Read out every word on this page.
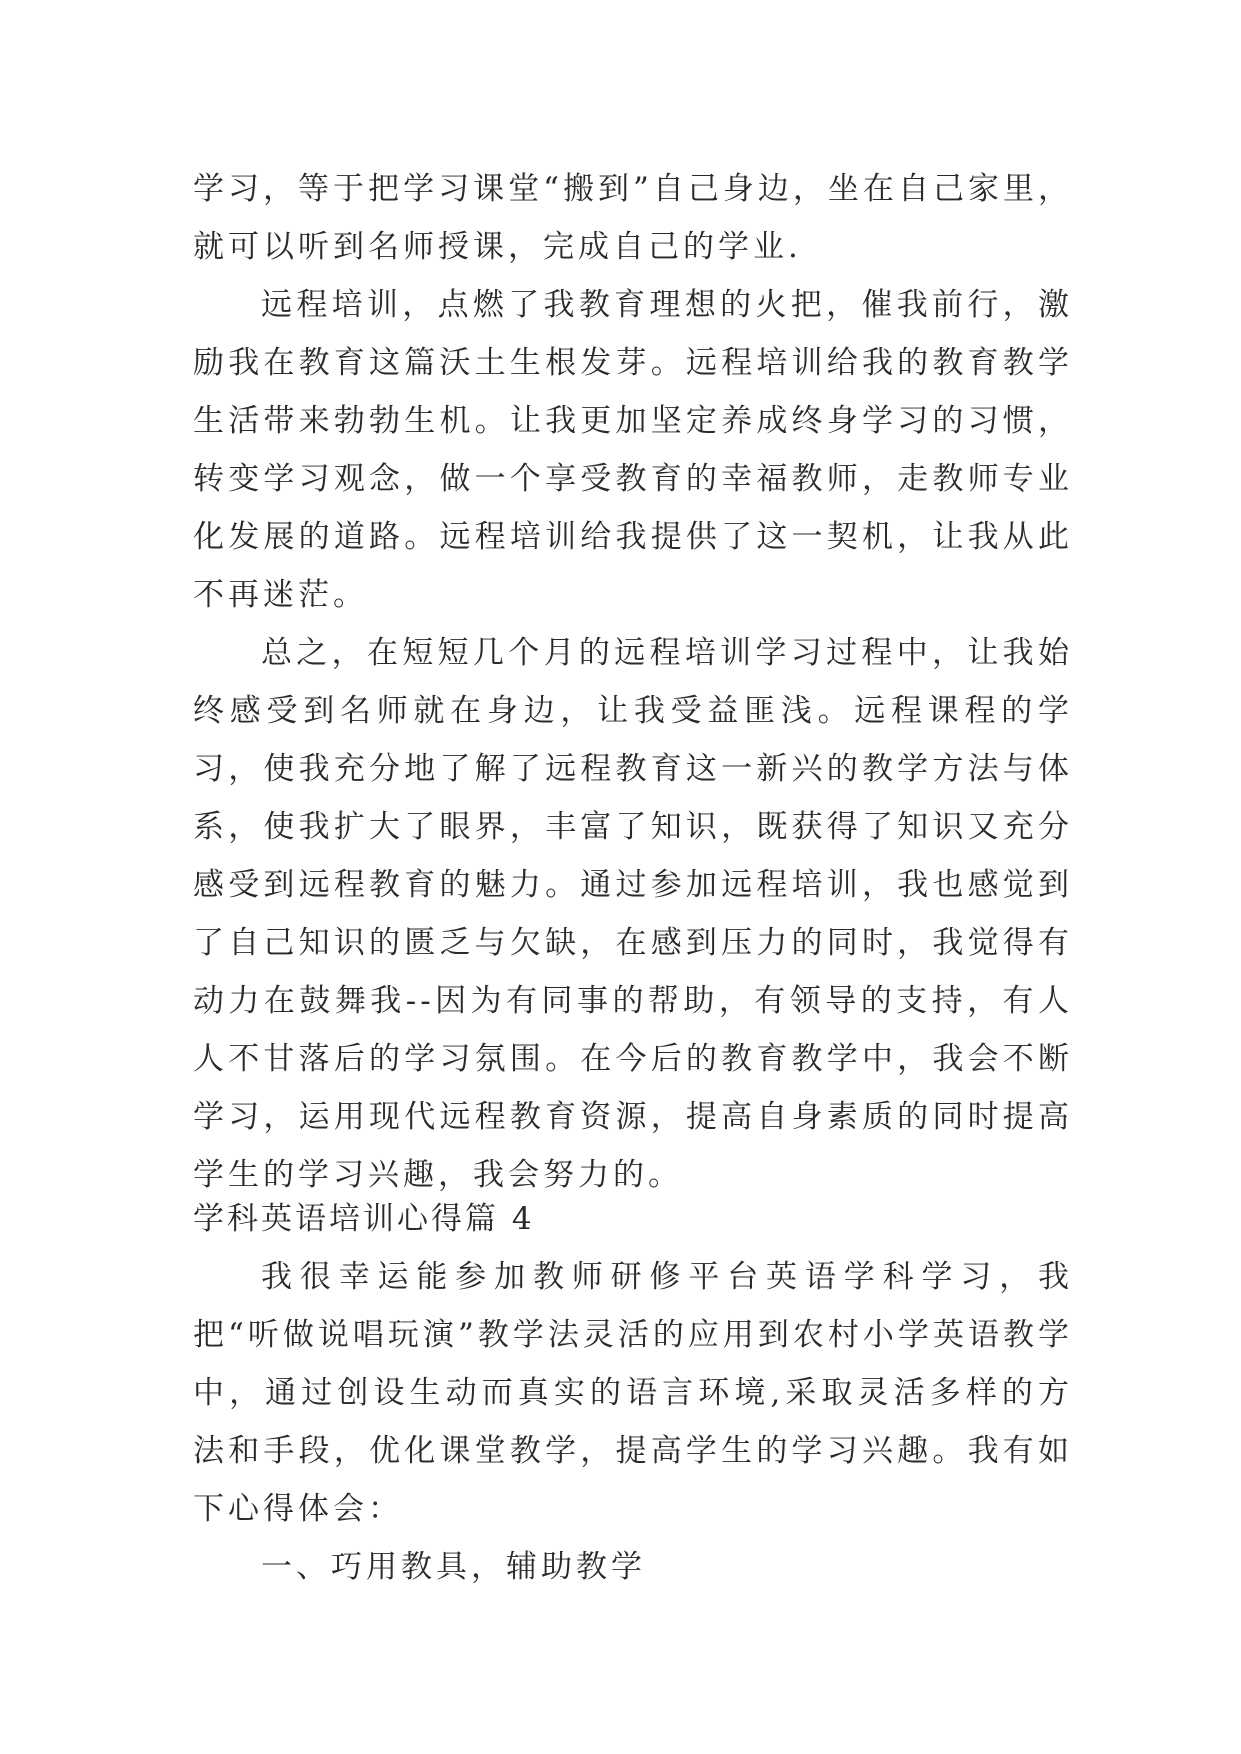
学习，等于把学习课堂“搬到”自己身边，坐在自己家里，就可以听到名师授课，完成自己的学业.

远程培训，点燃了我教育理想的火把，催我前行，激励我在教育这篇沃土生根发芽。远程培训给我的教育教学生活带来勃勃生机。让我更加坚定养成终身学习的习惯，转变学习观念，做一个享受教育的幸福教师，走教师专业化发展的道路。远程培训给我提供了这一契机，让我从此不再迷茫。

总之，在短短几个月的远程培训学习过程中，让我始终感受到名师就在身边，让我受益匪浅。远程课程的学习，使我充分地了解了远程教育这一新兴的教学方法与体系，使我扩大了眼界，丰富了知识，既获得了知识又充分感受到远程教育的魅力。通过参加远程培训，我也感觉到了自己知识的匮乏与欠缺，在感到压力的同时，我觉得有动力在鼓舞我--因为有同事的帮助，有领导的支持，有人人不甘落后的学习氛围。在今后的教育教学中，我会不断学习，运用现代远程教育资源，提高自身素质的同时提高学生的学习兴趣，我会努力的。

学科英语培训心得篇 4

我很幸运能参加教师研修平台英语学科学习，我把“听做说唱玩演”教学法灵活的应用到农村小学英语教学中，通过创设生动而真实的语言环境,采取灵活多样的方法和手段，优化课堂教学，提高学生的学习兴趣。我有如下心得体会：

一、巧用教具，辅助教学
